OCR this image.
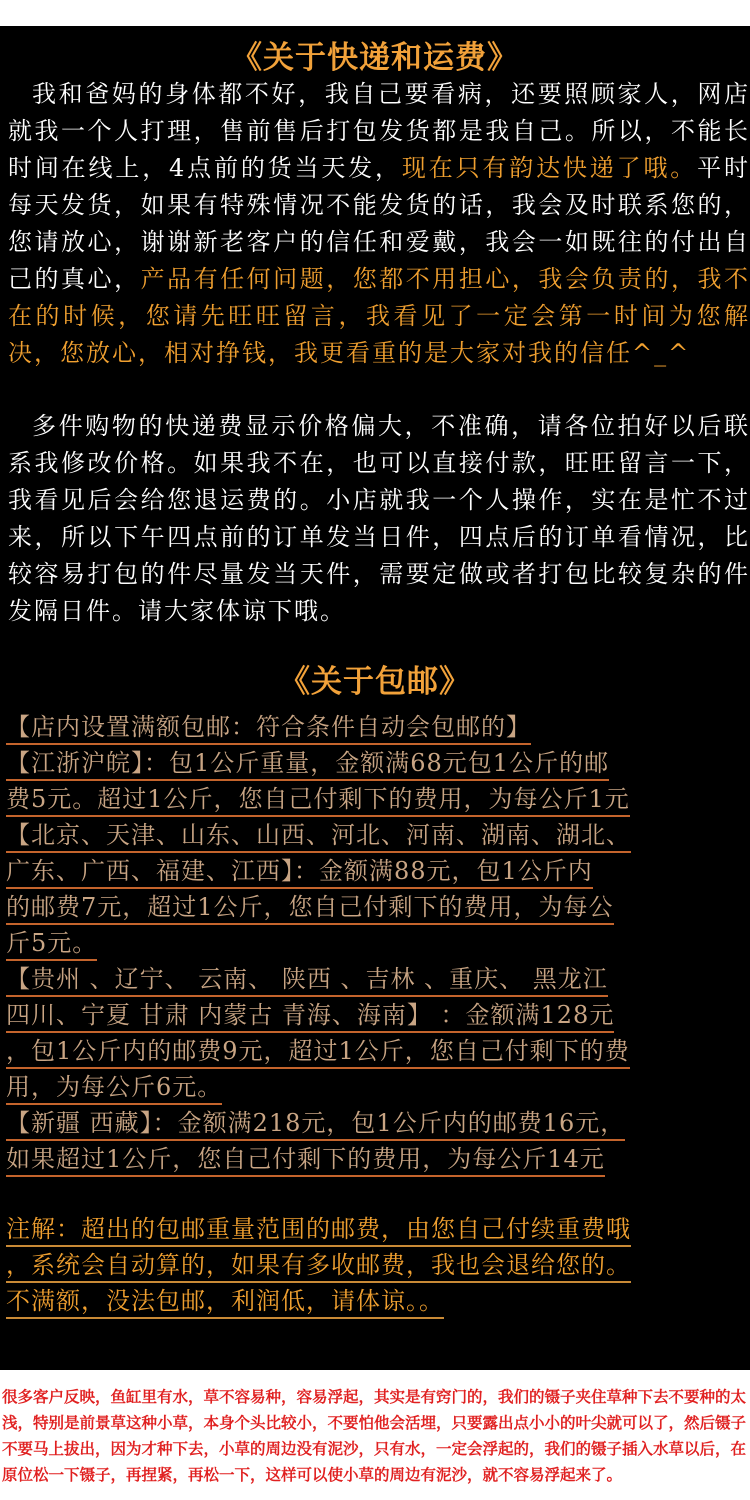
《关于快递和运费》

我和爸妈的身体都不好，我自己要看病，还要照顾家人，网店就我一个人打理，售前售后打包发货都是我自己。所以，不能长时间在线上，4点前的货当天发，现在只有韵达快递了哦。平时每天发货，如果有特殊情况不能发货的话，我会及时联系您的，您请放心，谢谢新老客户的信任和爱戴，我会一如既往的付出自己的真心，产品有任何问题，您都不用担心，我会负责的，我不在的时候，您请先旺旺留言，我看见了一定会第一时间为您解决，您放心，相对挣钱，我更看重的是大家对我的信任^_^

多件购物的快递费显示价格偏大，不准确，请各位拍好以后联系我修改价格。如果我不在，也可以直接付款，旺旺留言一下，我看见后会给您退运费的。小店就我一个人操作，实在是忙不过来，所以下午四点前的订单发当日件，四点后的订单看情况，比较容易打包的件尽量发当天件，需要定做或者打包比较复杂的件发隔日件。请大家体谅下哦。

《关于包邮》
【店内设置满额包邮：符合条件自动会包邮的】
【江浙沪皖】：包1公斤重量，金额满68元包1公斤的邮
费5元。超过1公斤，您自己付剩下的费用，为每公斤1元
【北京、天津、山东、山西、河北、河南、湖南、湖北、
广东、广西、福建、江西】：金额满88元，包1公斤内
的邮费7元，超过1公斤，您自己付剩下的费用，为每公
斤5元。
【贵州 、辽宁、 云南、 陕西 、吉林 、重庆、 黑龙江
四川、宁夏 甘肃 内蒙古 青海、海南】 ：金额满128元
，包1公斤内的邮费9元，超过1公斤，您自己付剩下的费
用，为每公斤6元。
【新疆 西藏】：金额满218元，包1公斤内的邮费16元，
如果超过1公斤，您自己付剩下的费用，为每公斤14元
注解：超出的包邮重量范围的邮费，由您自己付续重费哦
，系统会自动算的，如果有多收邮费，我也会退给您的。
不满额，没法包邮，利润低，请体谅。。

很多客户反映，鱼缸里有水，草不容易种，容易浮起，其实是有窍门的，我们的镊子夹住草种下去不要种的太浅，特别是前景草这种小草，本身个头比较小，不要怕他会活埋，只要露出点小小的叶尖就可以了，然后镊子不要马上拔出，因为才种下去，小草的周边没有泥沙，只有水，一定会浮起的，我们的镊子插入水草以后，在原位松一下镊子，再捏紧，再松一下，这样可以使小草的周边有泥沙，就不容易浮起来了。
